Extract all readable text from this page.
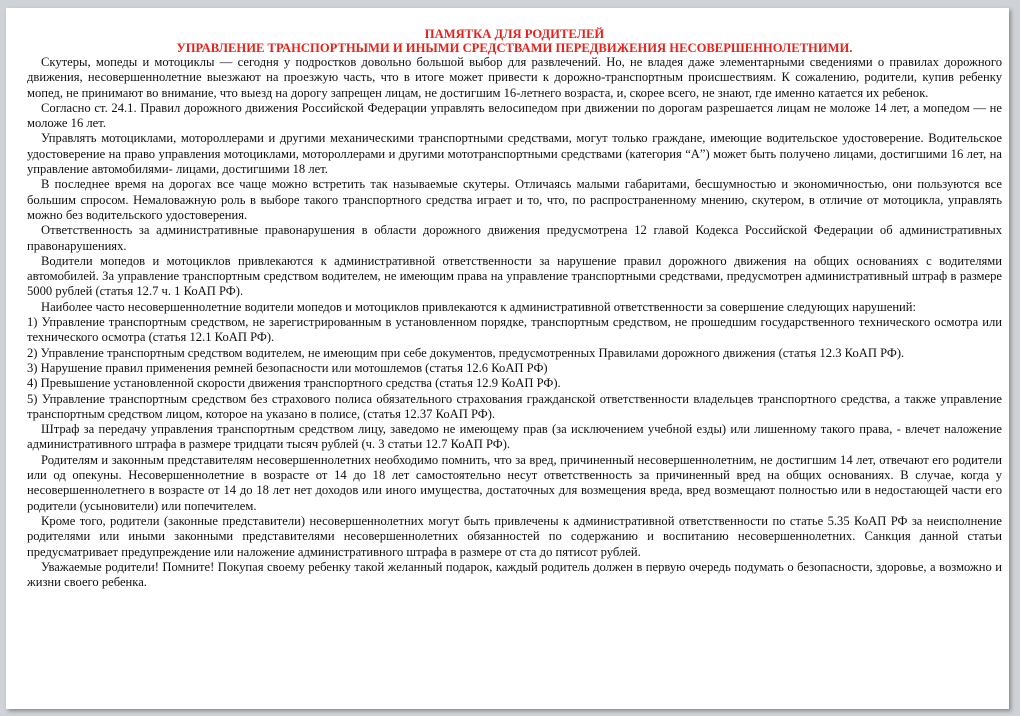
ПАМЯТКА ДЛЯ РОДИТЕЛЕЙ
УПРАВЛЕНИЕ ТРАНСПОРТНЫМИ И ИНЫМИ СРЕДСТВАМИ ПЕРЕДВИЖЕНИЯ НЕСОВЕРШЕННОЛЕТНИМИ.

Скутеры, мопеды и мотоциклы — сегодня у подростков довольно большой выбор для развлечений. Но, не владея даже элементарными сведениями о правилах дорожного движения, несовершеннолетние выезжают на проезжую часть, что в итоге может привести к дорожно-транспортным происшествиям. К сожалению, родители, купив ребенку мопед, не принимают во внимание, что выезд на дорогу запрещен лицам, не достигшим 16-летнего возраста, и, скорее всего, не знают, где именно катается их ребенок.

Согласно ст. 24.1. Правил дорожного движения Российской Федерации управлять велосипедом при движении по дорогам разрешается лицам не моложе 14 лет, а мопедом — не моложе 16 лет.

Управлять мотоциклами, мотороллерами и другими механическими транспортными средствами, могут только граждане, имеющие водительское удостоверение. Водительское удостоверение на право управления мотоциклами, мотороллерами и другими мототранспортными средствами (категория “А”) может быть получено лицами, достигшими 16 лет, на управление автомобилями- лицами, достигшими 18 лет.

В последнее время на дорогах все чаще можно встретить так называемые скутеры. Отличаясь малыми габаритами, бесшумностью и экономичностью, они пользуются все большим спросом. Немаловажную роль в выборе такого транспортного средства играет и то, что, по распространенному мнению, скутером, в отличие от мотоцикла, управлять можно без водительского удостоверения.

Ответственность за административные правонарушения в области дорожного движения предусмотрена 12 главой Кодекса Российской Федерации об административных правонарушениях.

Водители мопедов и мотоциклов привлекаются к административной ответственности за нарушение правил дорожного движения на общих основаниях с водителями автомобилей. За управление транспортным средством водителем, не имеющим права на управление транспортными средствами, предусмотрен административный штраф в размере 5000 рублей (статья 12.7 ч. 1 КоАП РФ).

Наиболее часто несовершеннолетние водители мопедов и мотоциклов привлекаются к административной ответственности за совершение следующих нарушений:

1) Управление транспортным средством, не зарегистрированным в установленном порядке, транспортным средством, не прошедшим государственного технического осмотра или технического осмотра (статья 12.1 КоАП РФ).

2) Управление транспортным средством водителем, не имеющим при себе документов, предусмотренных Правилами дорожного движения (статья 12.3 КоАП РФ).

3) Нарушение правил применения ремней безопасности или мотошлемов (статья 12.6 КоАП РФ)

4) Превышение установленной скорости движения транспортного средства (статья 12.9 КоАП РФ).

5) Управление транспортным средством без страхового полиса обязательного страхования гражданской ответственности владельцев транспортного средства, а также управление транспортным средством лицом, которое на указано в полисе, (статья 12.37 КоАП РФ).

Штраф за передачу управления транспортным средством лицу, заведомо не имеющему прав (за исключением учебной езды) или лишенному такого права, - влечет наложение административного штрафа в размере тридцати тысяч рублей (ч. 3 статьи 12.7 КоАП РФ).

Родителям и законным представителям несовершеннолетних необходимо помнить, что за вред, причиненный несовершеннолетним, не достигшим 14 лет, отвечают его родители или од опекуны. Несовершеннолетние в возрасте от 14 до 18 лет самостоятельно несут ответственность за причиненный вред на общих основаниях. В случае, когда у несовершеннолетнего в возрасте от 14 до 18 лет нет доходов или иного имущества, достаточных для возмещения вреда, вред возмещают полностью или в недостающей части его родители (усыновители) или попечителем.

Кроме того, родители (законные представители) несовершеннолетних могут быть привлечены к административной ответственности по статье 5.35 КоАП РФ за неисполнение родителями или иными законными представителями несовершеннолетних обязанностей по содержанию и воспитанию несовершеннолетних. Санкция данной статьи предусматривает предупреждение или наложение административного штрафа в размере от ста до пятисот рублей.

Уважаемые родители! Помните! Покупая своему ребенку такой желанный подарок, каждый родитель должен в первую очередь подумать о безопасности, здоровье, а возможно и жизни своего ребенка.
